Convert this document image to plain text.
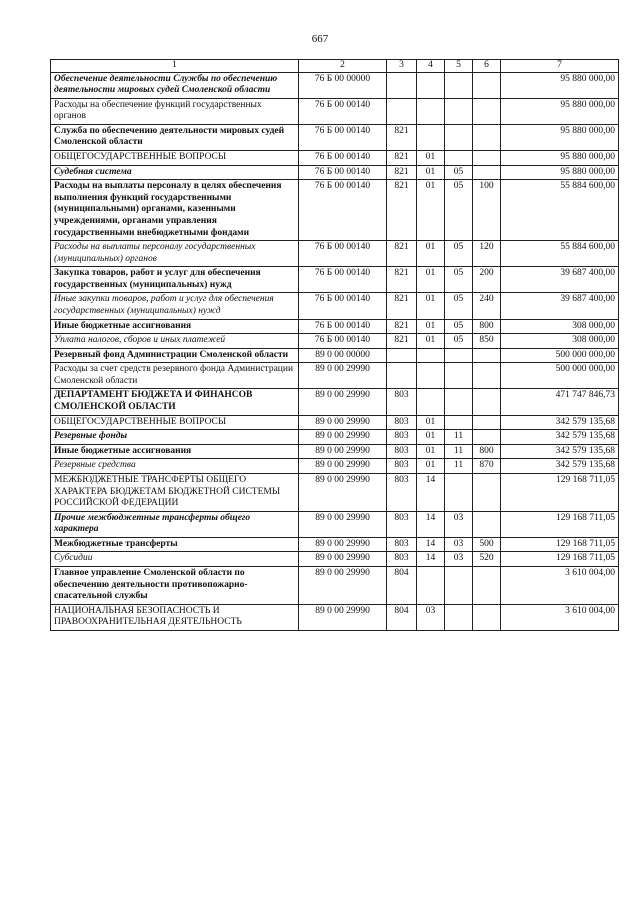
667
1	2	3	4	5	6	7
Обеспечение деятельности Службы по обеспечению деятельности мировых судей Смоленской области	76 Б 00 00000					95 880 000,00
Расходы на обеспечение функций государственных органов	76 Б 00 00140					95 880 000,00
Служба по обеспечению деятельности мировых судей Смоленской области	76 Б 00 00140	821				95 880 000,00
ОБЩЕГОСУДАРСТВЕННЫЕ ВОПРОСЫ	76 Б 00 00140	821	01			95 880 000,00
Судебная система	76 Б 00 00140	821	01	05		95 880 000,00
Расходы на выплаты персоналу в целях обеспечения выполнения функций государственными (муниципальными) органами, казенными учреждениями, органами управления государственными внебюджетными фондами	76 Б 00 00140	821	01	05	100	55 884 600,00
Расходы на выплаты персоналу государственных (муниципальных) органов	76 Б 00 00140	821	01	05	120	55 884 600,00
Закупка товаров, работ и услуг для обеспечения государственных (муниципальных) нужд	76 Б 00 00140	821	01	05	200	39 687 400,00
Иные закупки товаров, работ и услуг для обеспечения государственных (муниципальных) нужд	76 Б 00 00140	821	01	05	240	39 687 400,00
Иные бюджетные ассигнования	76 Б 00 00140	821	01	05	800	308 000,00
Уплата налогов, сборов и иных платежей	76 Б 00 00140	821	01	05	850	308 000,00
Резервный фонд Администрации Смоленской области	89 0 00 00000					500 000 000,00
Расходы за счет средств резервного фонда Администрации Смоленской области	89 0 00 29990					500 000 000,00
ДЕПАРТАМЕНТ БЮДЖЕТА И ФИНАНСОВ СМОЛЕНСКОЙ ОБЛАСТИ	89 0 00 29990	803				471 747 846,73
ОБЩЕГОСУДАРСТВЕННЫЕ ВОПРОСЫ	89 0 00 29990	803	01			342 579 135,68
Резервные фонды	89 0 00 29990	803	01	11		342 579 135,68
Иные бюджетные ассигнования	89 0 00 29990	803	01	11	800	342 579 135,68
Резервные средства	89 0 00 29990	803	01	11	870	342 579 135,68
МЕЖБЮДЖЕТНЫЕ ТРАНСФЕРТЫ ОБЩЕГО ХАРАКТЕРА БЮДЖЕТАМ БЮДЖЕТНОЙ СИСТЕМЫ РОССИЙСКОЙ ФЕДЕРАЦИИ	89 0 00 29990	803	14			129 168 711,05
Прочие межбюджетные трансферты общего характера	89 0 00 29990	803	14	03		129 168 711,05
Межбюджетные трансферты	89 0 00 29990	803	14	03	500	129 168 711,05
Субсидии	89 0 00 29990	803	14	03	520	129 168 711,05
Главное управление Смоленской области по обеспечению деятельности противопожарно-спасательной службы	89 0 00 29990	804				3 610 004,00
НАЦИОНАЛЬНАЯ БЕЗОПАСНОСТЬ И ПРАВООХРАНИТЕЛЬНАЯ ДЕЯТЕЛЬНОСТЬ	89 0 00 29990	804	03			3 610 004,00
